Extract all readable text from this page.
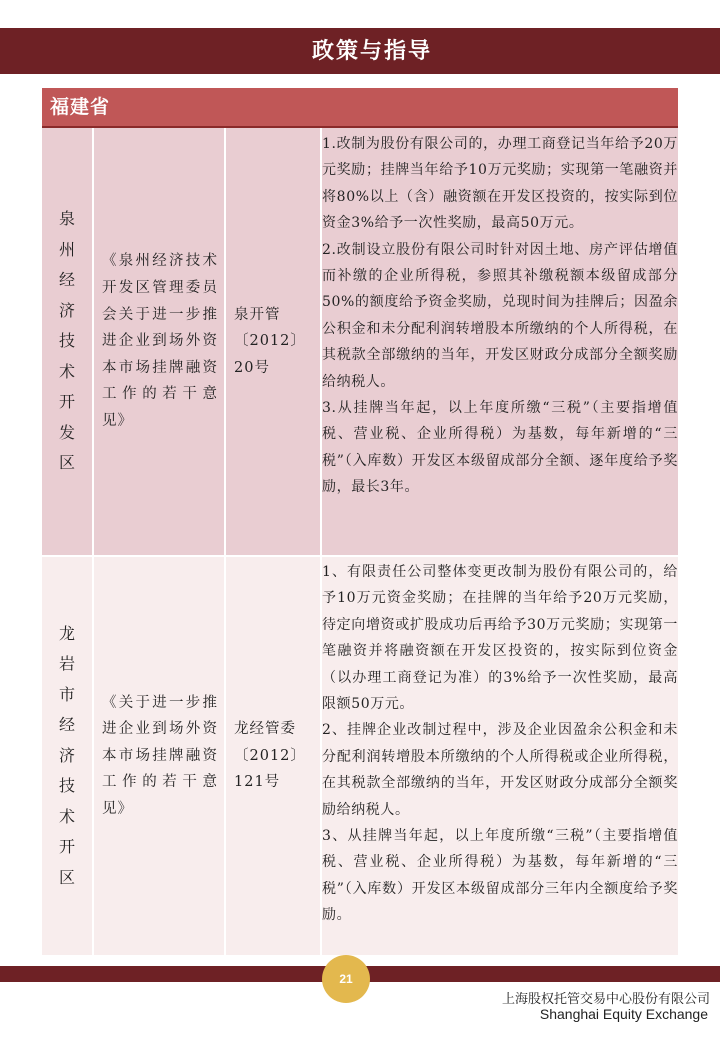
政策与指导
福建省
泉州经济技术开发区	《泉州经济技术开发区管理委员会关于进一步推进企业到场外资本市场挂牌融资工作的若干意见》	泉开管〔2012〕20号	1.改制为股份有限公司的，办理工商登记当年给予20万元奖励；挂牌当年给予10万元奖励；实现第一笔融资并将80%以上（含）融资额在开发区投资的，按实际到位资金3%给予一次性奖励，最高50万元。

2.改制设立股份有限公司时针对因土地、房产评估增值而补缴的企业所得税，参照其补缴税额本级留成部分50%的额度给予资金奖励，兑现时间为挂牌后；因盈余公积金和未分配利润转增股本所缴纳的个人所得税，在其税款全部缴纳的当年，开发区财政分成部分全额奖励给纳税人。

3.从挂牌当年起，以上年度所缴“三税”（主要指增值税、营业税、企业所得税）为基数，每年新增的“三税”（入库数）开发区本级留成部分全额、逐年度给予奖励，最长3年。

龙岩市经济技术开区	《关于进一步推进企业到场外资本市场挂牌融资工作的若干意见》	龙经管委〔2012〕121号	1、有限责任公司整体变更改制为股份有限公司的，给予10万元资金奖励；在挂牌的当年给予20万元奖励，待定向增资或扩股成功后再给予30万元奖励；实现第一笔融资并将融资额在开发区投资的，按实际到位资金（以办理工商登记为准）的3%给予一次性奖励，最高限额50万元。

2、挂牌企业改制过程中，涉及企业因盈余公积金和未分配利润转增股本所缴纳的个人所得税或企业所得税，在其税款全部缴纳的当年，开发区财政分成部分全额奖励给纳税人。

3、从挂牌当年起，以上年度所缴“三税”（主要指增值税、营业税、企业所得税）为基数，每年新增的“三税”（入库数）开发区本级留成部分三年内全额度给予奖励。

21
上海股权托管交易中心股份有限公司
Shanghai Equity Exchange
